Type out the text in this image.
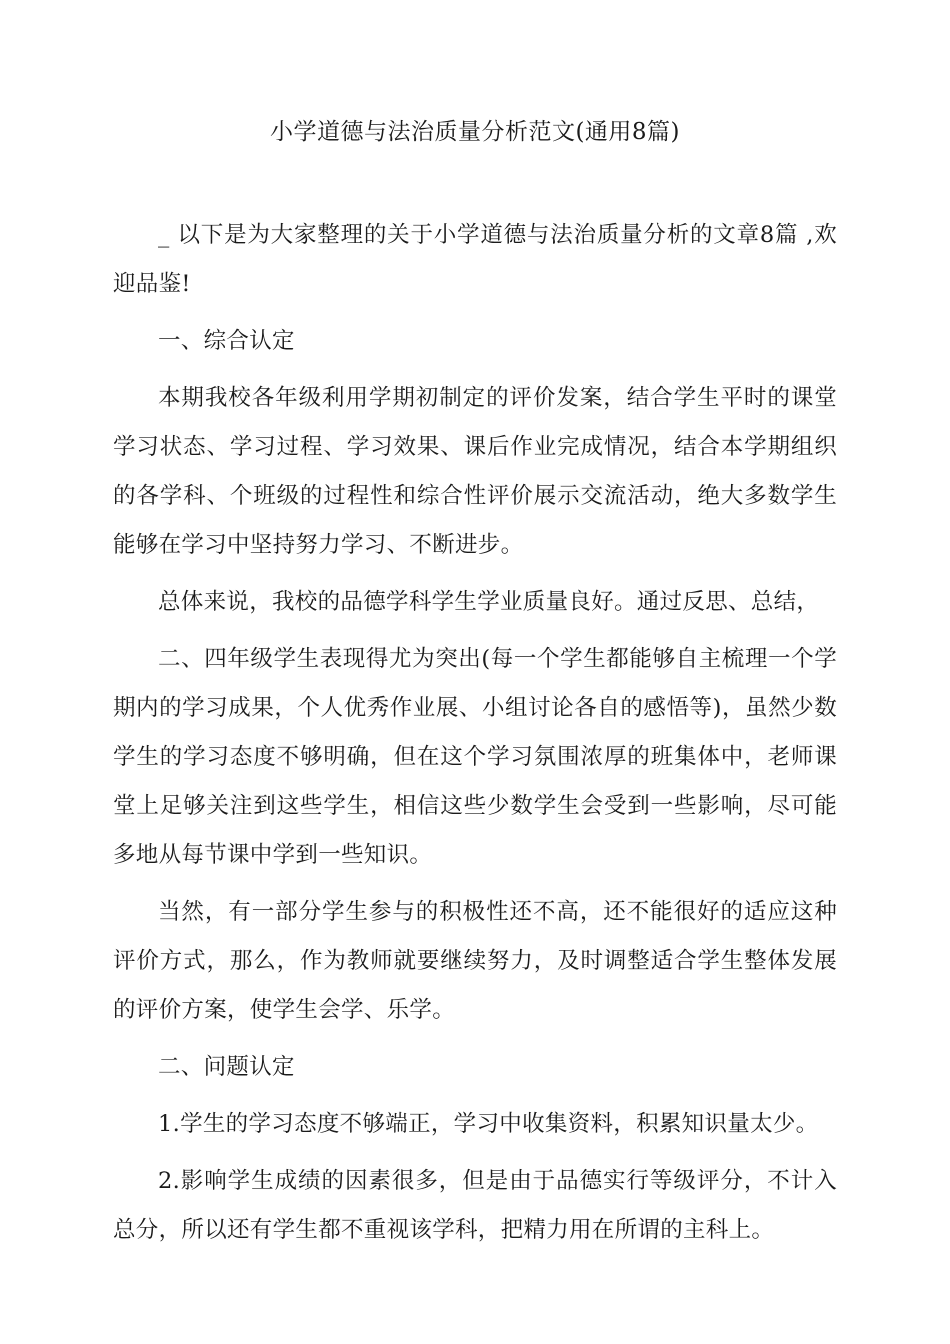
小学道德与法治质量分析范文(通用8篇)

_ 以下是为大家整理的关于小学道德与法治质量分析的文章8篇 ,欢迎品鉴!

一、综合认定

本期我校各年级利用学期初制定的评价发案，结合学生平时的课堂学习状态、学习过程、学习效果、课后作业完成情况，结合本学期组织的各学科、个班级的过程性和综合性评价展示交流活动，绝大多数学生能够在学习中坚持努力学习、不断进步。

总体来说，我校的品德学科学生学业质量良好。通过反思、总结，

二、四年级学生表现得尤为突出(每一个学生都能够自主梳理一个学期内的学习成果，个人优秀作业展、小组讨论各自的感悟等)，虽然少数学生的学习态度不够明确，但在这个学习氛围浓厚的班集体中，老师课堂上足够关注到这些学生，相信这些少数学生会受到一些影响，尽可能多地从每节课中学到一些知识。

当然，有一部分学生参与的积极性还不高，还不能很好的适应这种评价方式，那么，作为教师就要继续努力，及时调整适合学生整体发展的评价方案，使学生会学、乐学。

二、问题认定

1.学生的学习态度不够端正，学习中收集资料，积累知识量太少。

2.影响学生成绩的因素很多，但是由于品德实行等级评分，不计入总分，所以还有学生都不重视该学科，把精力用在所谓的主科上。
